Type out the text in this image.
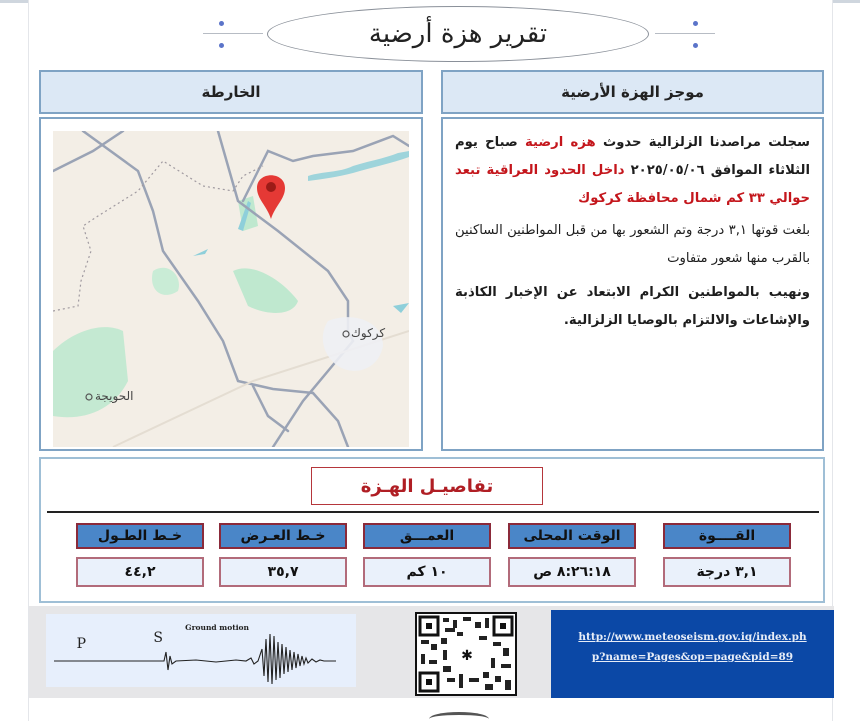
تقرير هزة أرضية
موجز الهزة الأرضية

سجلت مراصدنا الزلزالية حدوث هزه ارضية صباح يوم الثلاثاء الموافق ٢٠٢٥/٠٥/٠٦ داخل الحدود العراقية تبعد حوالي ٣٣ كم شمال محافظة كركوك

بلغت قوتها ٣,١ درجة وتم الشعور بها من قبل المواطنين الساكنين بالقرب منها شعور متفاوت

ونهيب بالمواطنين الكرام الابتعاد عن الإخبار الكاذبة والإشاعات والالتزام بالوصايا الزلزالية.

الخارطة
كركوك
الحويجة
تفاصيـل الهـزة
القــــوة
٣,١ درجة
الوقت المحلى
٨:٢٦:١٨ ص
العمـــق
١٠ كم
خـط العـرض
٣٥,٧
خـط الطـول
٤٤,٢
P	S
Ground motion
✱
http://www.meteoseism.gov.iq/index.ph
p?name=Pages&op=page&pid=89
